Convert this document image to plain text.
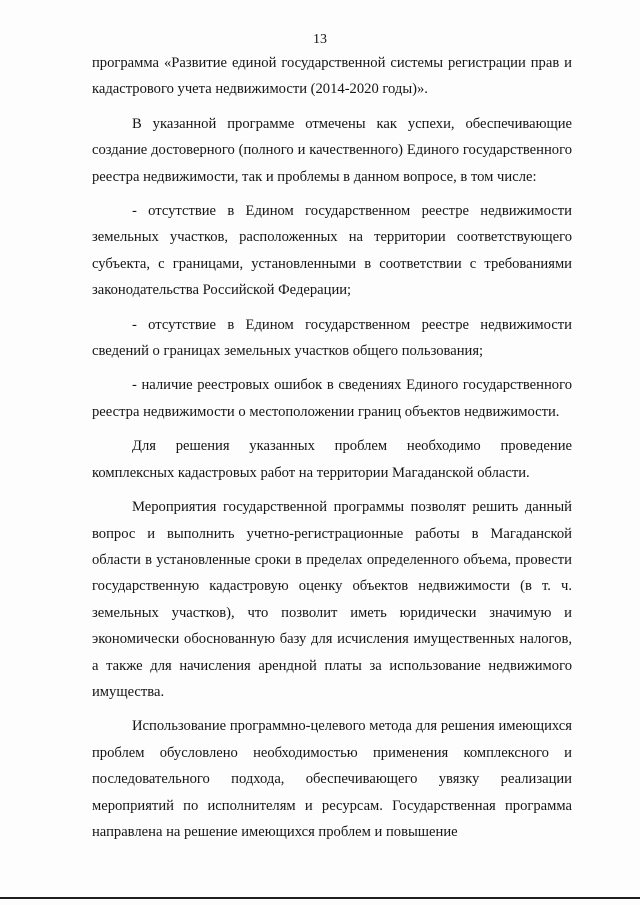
13

программа «Развитие единой государственной системы регистрации прав и кадастрового учета недвижимости (2014-2020 годы)».

В указанной программе отмечены как успехи, обеспечивающие создание достоверного (полного и качественного) Единого государственного реестра недвижимости, так и проблемы в данном вопросе, в том числе:

- отсутствие в Едином государственном реестре недвижимости земельных участков, расположенных на территории соответствующего субъекта, с границами, установленными в соответствии с требованиями законодательства Российской Федерации;

- отсутствие в Едином государственном реестре недвижимости сведений о границах земельных участков общего пользования;

- наличие реестровых ошибок в сведениях Единого государственного реестра недвижимости о местоположении границ объектов недвижимости.

Для решения указанных проблем необходимо проведение комплексных кадастровых работ на территории Магаданской области.

Мероприятия государственной программы позволят решить данный вопрос и выполнить учетно-регистрационные работы в Магаданской области в установленные сроки в пределах определенного объема, провести государственную кадастровую оценку объектов недвижимости (в т. ч. земельных участков), что позволит иметь юридически значимую и экономически обоснованную базу для исчисления имущественных налогов, а также для начисления арендной платы за использование недвижимого имущества.

Использование программно-целевого метода для решения имеющихся проблем обусловлено необходимостью применения комплексного и последовательного подхода, обеспечивающего увязку реализации мероприятий по исполнителям и ресурсам. Государственная программа направлена на решение имеющихся проблем и повышение
